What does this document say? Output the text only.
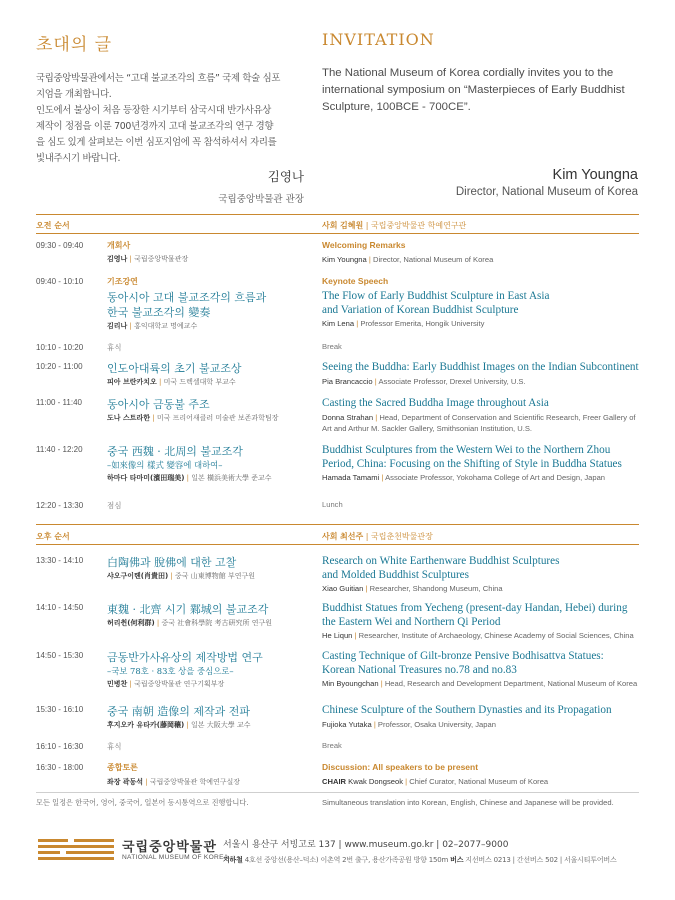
초대의 글
국립중앙박물관에서는 “고대 불교조각의 흐름” 국제 학술 심포
지엄을 개최합니다.
인도에서 불상이 처음 등장한 시기부터 삼국시대 반가사유상
제작이 정점을 이룬 700년경까지 고대 불교조각의 연구 경향
을 심도 있게 살펴보는 이번 심포지엄에 꼭 참석하셔서 자리를
빛내주시기 바랍니다.
INVITATION
The National Museum of Korea cordially invites you to the international symposium on “Masterpieces of Early Buddhist Sculpture, 100BCE - 700CE”.
김영나
국립중앙박물관 관장
Kim Youngna
Director, National Museum of Korea
오전 순서	사회 김혜원 | 국립중앙박물관 학예연구관
09:30 - 09:40	개회사
김영나 | 국립중앙박물관장
Welcoming Remarks
Kim Youngna | Director, National Museum of Korea
09:40 - 10:10	기조강연
동아시아 고대 불교조각의 흐름과
한국 불교조각의 變奏
김리나 | 홍익대학교 명예교수
Keynote Speech
The Flow of Early Buddhist Sculpture in East Asia
and Variation of Korean Buddhist Sculpture
Kim Lena | Professor Emerita, Hongik University
10:10 - 10:20	휴식	Break
10:20 - 11:00 인도아대륙의 초기 불교조상
피아 브란카치오 | 미국 드렉셀대학 부교수
Seeing the Buddha: Early Buddhist Images on the Indian Subcontinent
Pia Brancaccio | Associate Professor, Drexel University, U.S.
11:00 - 11:40 동아시아 금동불 주조
도나 스트라한 | 미국 프리어새클러 미술관 보존과학팀장
Casting the Sacred Buddha Image throughout Asia
Donna Strahan | Head, Department of Conservation and Scientific Research, Freer Gallery of Art and Arthur M. Sackler Gallery, Smithsonian Institution, U.S.
11:40 - 12:20 중국 西魏 · 北周의 불교조각
–如來像의 樣式 變容에 대하여–
하마다 타마미(濱田瑞美) | 일본 橫浜美術大學 준교수
Buddhist Sculptures from the Western Wei to the Northern Zhou
Period, China: Focusing on the Shifting of Style in Buddha Statues
Hamada Tamami | Associate Professor, Yokohama College of Art and Design, Japan
12:20 - 13:30	점심	Lunch
오후 순서	사회 최선주 | 국립춘천박물관장
13:30 - 14:10 白陶佛과 脫佛에 대한 고찰
샤오구이톈(肖貴田) | 중국 山東博物館 부연구원
Research on White Earthenware Buddhist Sculptures
and Molded Buddhist Sculptures
Xiao Guitian | Researcher, Shandong Museum, China
14:10 - 14:50 東魏 · 北齊 시기 鄴城의 불교조각
허리췬(何利群) | 중국 社會科學院 考古硏究所 연구원
Buddhist Statues from Yecheng (present-day Handan, Hebei) during
the Eastern Wei and Northern Qi Period
He Liqun | Researcher, Institute of Archaeology, Chinese Academy of Social Sciences, China
14:50 - 15:30 금동반가사유상의 제작방법 연구
–국보 78호 · 83호 상을 중심으로–
민병찬 | 국립중앙박물관 연구기획부장
Casting Technique of Gilt-bronze Pensive Bodhisattva Statues:
Korean National Treasures no.78 and no.83
Min Byoungchan | Head, Research and Development Department, National Museum of Korea
15:30 - 16:10 중국 南朝 造像의 제작과 전파
후지오카 유타카(藤岡穰) | 일본 大阪大學 교수
Chinese Sculpture of the Southern Dynasties and its Propagation
Fujioka Yutaka | Professor, Osaka University, Japan
16:10 - 16:30	휴식	Break
16:30 - 18:00	종합토론
좌장 곽동석 | 국립중앙박물관 학예연구실장
Discussion: All speakers to be present
CHAIR Kwak Dongseok | Chief Curator, National Museum of Korea
모든 일정은 한국어, 영어, 중국어, 일본어 동시통역으로 진행합니다.	Simultaneous translation into Korean, English, Chinese and Japanese will be provided.
국립중앙박물관
NATIONAL MUSEUM OF KOREA
서울시 용산구 서빙고로 137 | www.museum.go.kr | 02–2077–9000
지하철 4호선 중앙선(용산–덕소) 이촌역 2번 출구, 용산가족공원 방향 150m 버스 지선버스 0213 | 간선버스 502 | 서울시티투어버스
